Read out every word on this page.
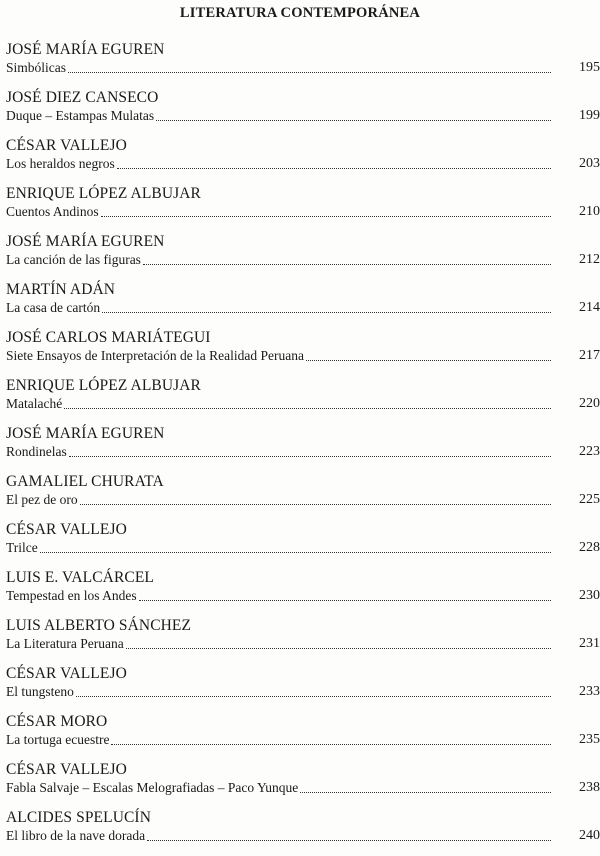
LITERATURA CONTEMPORÁNEA
JOSÉ MARÍA EGUREN
Simbólicas	195
JOSÉ DIEZ CANSECO
Duque – Estampas Mulatas	199
CÉSAR VALLEJO
Los heraldos negros	203
ENRIQUE LÓPEZ ALBUJAR
Cuentos Andinos	210
JOSÉ MARÍA EGUREN
La canción de las figuras	212
MARTÍN ADÁN
La casa de cartón	214
JOSÉ CARLOS MARIÁTEGUI
Siete Ensayos de Interpretación de la Realidad Peruana	217
ENRIQUE LÓPEZ ALBUJAR
Matalaché	220
JOSÉ MARÍA EGUREN
Rondinelas	223
GAMALIEL CHURATA
El pez de oro	225
CÉSAR VALLEJO
Trilce	228
LUIS E. VALCÁRCEL
Tempestad en los Andes	230
LUIS ALBERTO SÁNCHEZ
La Literatura Peruana	231
CÉSAR VALLEJO
El tungsteno	233
CÉSAR MORO
La tortuga ecuestre	235
CÉSAR VALLEJO
Fabla Salvaje – Escalas Melografiadas – Paco Yunque	238
ALCIDES SPELUCÍN
El libro de la nave dorada	240
